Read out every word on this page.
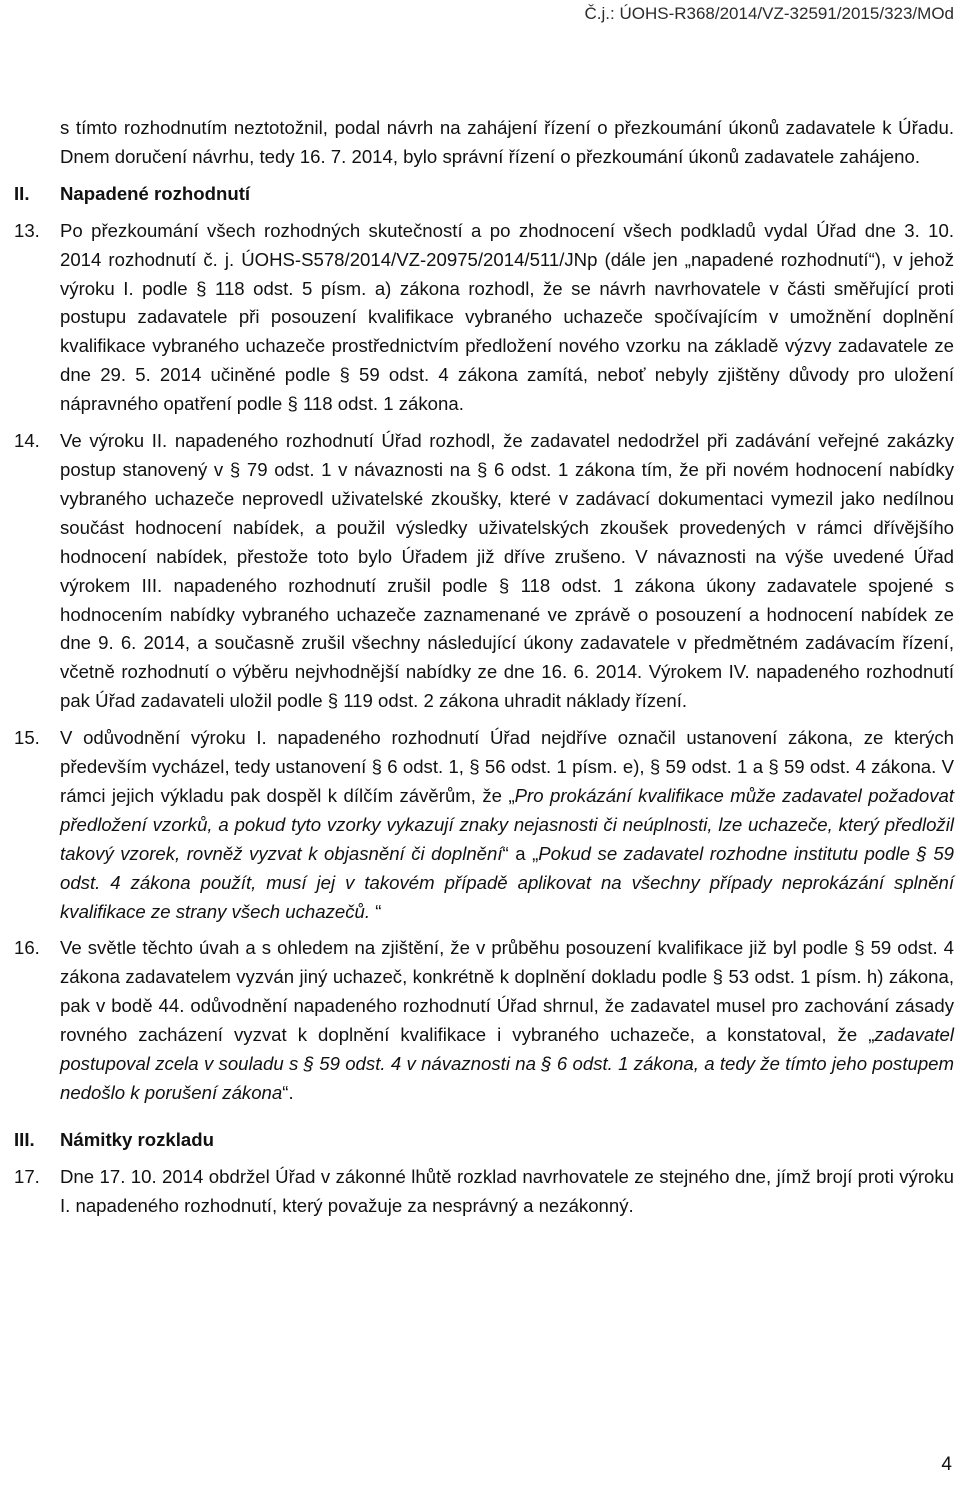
Č.j.: ÚOHS-R368/2014/VZ-32591/2015/323/MOd

s tímto rozhodnutím neztotožnil, podal návrh na zahájení řízení o přezkoumání úkonů zadavatele k Úřadu. Dnem doručení návrhu, tedy 16. 7. 2014, bylo správní řízení o přezkoumání úkonů zadavatele zahájeno.

II. Napadené rozhodnutí
13. Po přezkoumání všech rozhodných skutečností a po zhodnocení všech podkladů vydal Úřad dne 3. 10. 2014 rozhodnutí č. j. ÚOHS-S578/2014/VZ-20975/2014/511/JNp (dále jen „napadené rozhodnutí“), v jehož výroku I. podle § 118 odst. 5 písm. a) zákona rozhodl, že se návrh navrhovatele v části směřující proti postupu zadavatele při posouzení kvalifikace vybraného uchazeče spočívajícím v umožnění doplnění kvalifikace vybraného uchazeče prostřednictvím předložení nového vzorku na základě výzvy zadavatele ze dne 29. 5. 2014 učiněné podle § 59 odst. 4 zákona zamítá, neboť nebyly zjištěny důvody pro uložení nápravného opatření podle § 118 odst. 1 zákona.

14. Ve výroku II. napadeného rozhodnutí Úřad rozhodl, že zadavatel nedodržel při zadávání veřejné zakázky postup stanovený v § 79 odst. 1 v návaznosti na § 6 odst. 1 zákona tím, že při novém hodnocení nabídky vybraného uchazeče neprovedl uživatelské zkoušky, které v zadávací dokumentaci vymezil jako nedílnou součást hodnocení nabídek, a použil výsledky uživatelských zkoušek provedených v rámci dřívějšího hodnocení nabídek, přestože toto bylo Úřadem již dříve zrušeno. V návaznosti na výše uvedené Úřad výrokem III. napadeného rozhodnutí zrušil podle § 118 odst. 1 zákona úkony zadavatele spojené s hodnocením nabídky vybraného uchazeče zaznamenané ve zprávě o posouzení a hodnocení nabídek ze dne 9. 6. 2014, a současně zrušil všechny následující úkony zadavatele v předmětném zadávacím řízení, včetně rozhodnutí o výběru nejvhodnější nabídky ze dne 16. 6. 2014. Výrokem IV. napadeného rozhodnutí pak Úřad zadavateli uložil podle § 119 odst. 2 zákona uhradit náklady řízení.

15. V odůvodnění výroku I. napadeného rozhodnutí Úřad nejdříve označil ustanovení zákona, ze kterých především vycházel, tedy ustanovení § 6 odst. 1, § 56 odst. 1 písm. e), § 59 odst. 1 a § 59 odst. 4 zákona. V rámci jejich výkladu pak dospěl k dílčím závěrům, že „Pro prokázání kvalifikace může zadavatel požadovat předložení vzorků, a pokud tyto vzorky vykazují znaky nejasnosti či neúplnosti, lze uchazeče, který předložil takový vzorek, rovněž vyzvat k objasnění či doplnění“ a „Pokud se zadavatel rozhodne institutu podle § 59 odst. 4 zákona použít, musí jej v takovém případě aplikovat na všechny případy neprokázání splnění kvalifikace ze strany všech uchazečů. “

16. Ve světle těchto úvah a s ohledem na zjištění, že v průběhu posouzení kvalifikace již byl podle § 59 odst. 4 zákona zadavatelem vyzván jiný uchazeč, konkrétně k doplnění dokladu podle § 53 odst. 1 písm. h) zákona, pak v bodě 44. odůvodnění napadeného rozhodnutí Úřad shrnul, že zadavatel musel pro zachování zásady rovného zacházení vyzvat k doplnění kvalifikace i vybraného uchazeče, a konstatoval, že „zadavatel postupoval zcela v souladu s § 59 odst. 4 v návaznosti na § 6 odst. 1 zákona, a tedy že tímto jeho postupem nedošlo k porušení zákona“.

III. Námitky rozkladu
17. Dne 17. 10. 2014 obdržel Úřad v zákonné lhůtě rozklad navrhovatele ze stejného dne, jímž brojí proti výroku I. napadeného rozhodnutí, který považuje za nesprávný a nezákonný.

4
